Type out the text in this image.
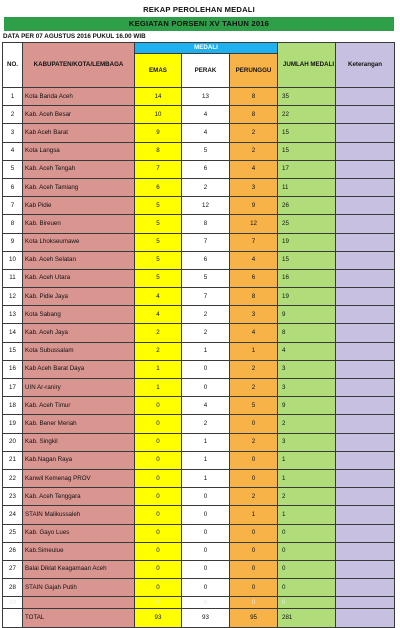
REKAP PEROLEHAN MEDALI
KEGIATAN PORSENI XV TAHUN 2016
DATA PER 07 AGUSTUS 2016 PUKUL 16.00 WIB
NO.	KABUPATEN/KOTA/LEMBAGA	MEDALI			JUMLAH MEDALI	Keterangan
		EMAS	PERAK	PERUNGGU		
1	Kota Banda Aceh	14	13	8	35	
2	Kab. Aceh Besar	10	4	8	22	
3	Kab Aceh Barat	9	4	2	15	
4	Kota Langsa	8	5	2	15	
5	Kab. Aceh Tengah	7	6	4	17	
6	Kab. Aceh Tamiang	6	2	3	11	
7	Kab Pidie	5	12	9	26	
8	Kab. Bireuen	5	8	12	25	
9	Kota Lhokseumawe	5	7	7	19	
10	Kab. Aceh Selatan	5	6	4	15	
11	Kab. Aceh Utara	5	5	6	16	
12	Kab. Pidie Jaya	4	7	8	19	
13	Kota Sabang	4	2	3	9	
14	Kab. Aceh Jaya	2	2	4	8	
15	Kota Subussalam	2	1	1	4	
16	Kab Aceh Barat Daya	1	0	2	3	
17	UIN Ar-raniry	1	0	2	3	
18	Kab. Aceh Timur	0	4	5	9	
19	Kab. Bener Meriah	0	2	0	2	
20	Kab. Singkil	0	1	2	3	
21	Kab.Nagan Raya	0	1	0	1	
22	Kanwil Kemenag PROV	0	1	0	1	
23	Kab. Aceh Tenggara	0	0	2	2	
24	STAIN Malikussaleh	0	0	1	1	
25	Kab. Gayo Lues	0	0	0	0	
26	Kab.Simeulue	0	0	0	0	
27	Balai Diklat Keagamaan Aceh	0	0	0	0	
28	STAIN Gajah Putih	0	0	0	0	
29		0	0	0	0	
	TOTAL	93	93	95	281	
